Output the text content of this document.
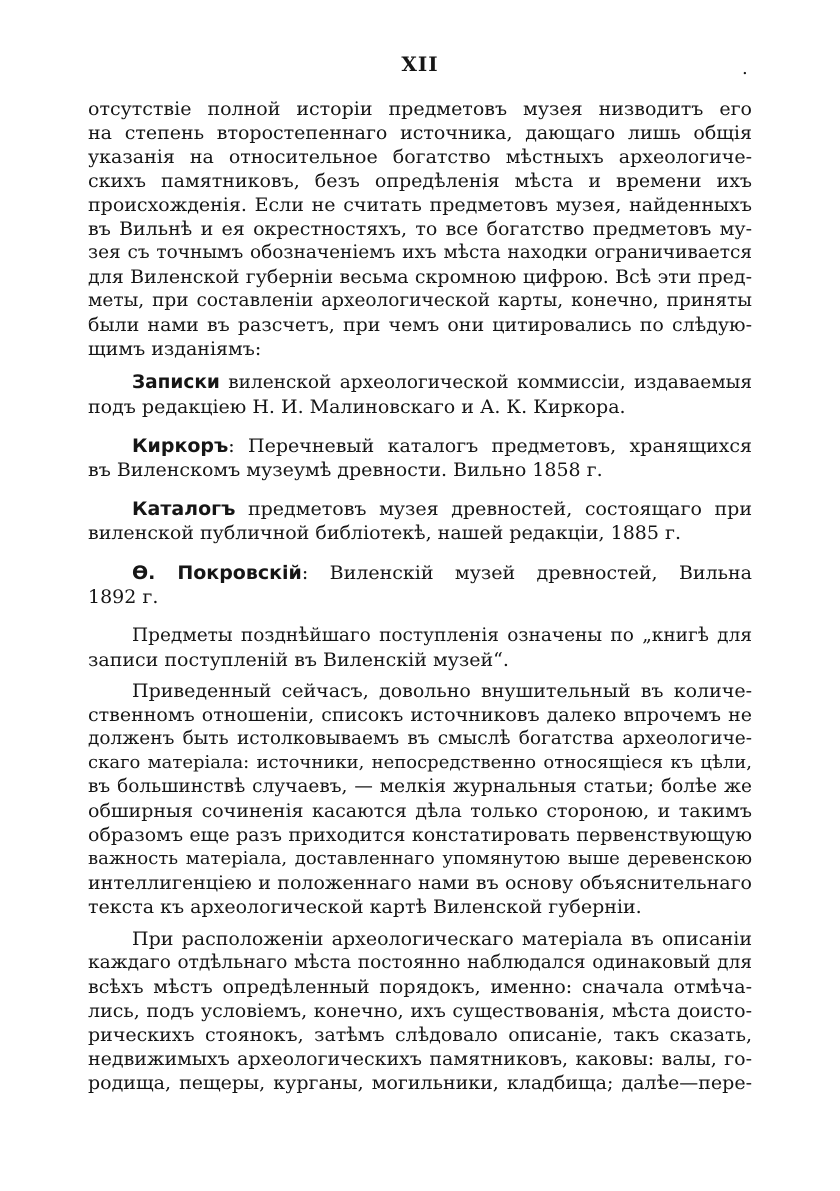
XII	.
отсутствіе полной исторіи предметовъ музея низводитъ его
на степень второстепеннаго источника, дающаго лишь общія
указанія на относительное богатство мѣстныхъ археологиче-
скихъ памятниковъ, безъ опредѣленія мѣста и времени ихъ
происхожденія. Если не считать предметовъ музея, найденныхъ
въ Вильнѣ и ея окрестностяхъ, то все богатство предметовъ му-
зея съ точнымъ обозначеніемъ ихъ мѣста находки ограничивается
для Виленской губерніи весьма скромною цифрою. Всѣ эти пред-
меты, при составленіи археологической карты, конечно, приняты
были нами въ разсчетъ, при чемъ они цитировались по слѣдую-
щимъ изданіямъ:
Записки виленской археологической коммиссіи, издаваемыя
подъ редакціею Н. И. Малиновскаго и А. К. Киркора.
Киркоръ: Перечневый каталогъ предметовъ, хранящихся
въ Виленскомъ музеумѣ древности. Вильно 1858 г.
Каталогъ предметовъ музея древностей, состоящаго при
виленской публичной библіотекѣ, нашей редакціи, 1885 г.
Ѳ. Покровскій: Виленскій музей древностей, Вильна
1892 г.
Предметы позднѣйшаго поступленія означены по „книгѣ для
записи поступленій въ Виленскій музей“.
Приведенный сейчасъ, довольно внушительный въ количе-
ственномъ отношеніи, списокъ источниковъ далеко впрочемъ не
долженъ быть истолковываемъ въ смыслѣ богатства археологиче-
скаго матеріала: источники, непосредственно относящіеся къ цѣли,
въ большинствѣ случаевъ, — мелкія журнальныя статьи; болѣе же
обширныя сочиненія касаются дѣла только стороною, и такимъ
образомъ еще разъ приходится констатировать первенствующую
важность матеріала, доставленнаго упомянутою выше деревенскою
интеллигенціею и положеннаго нами въ основу объяснительнаго
текста къ археологической картѣ Виленской губерніи.
При расположеніи археологическаго матеріала въ описаніи
каждаго отдѣльнаго мѣста постоянно наблюдался одинаковый для
всѣхъ мѣстъ опредѣленный порядокъ, именно: сначала отмѣча-
лись, подъ условіемъ, конечно, ихъ существованія, мѣста доисто-
рическихъ стоянокъ, затѣмъ слѣдовало описаніе, такъ сказать,
недвижимыхъ археологическихъ памятниковъ, каковы: валы, го-
родища, пещеры, курганы, могильники, кладбища; далѣе—пере-
